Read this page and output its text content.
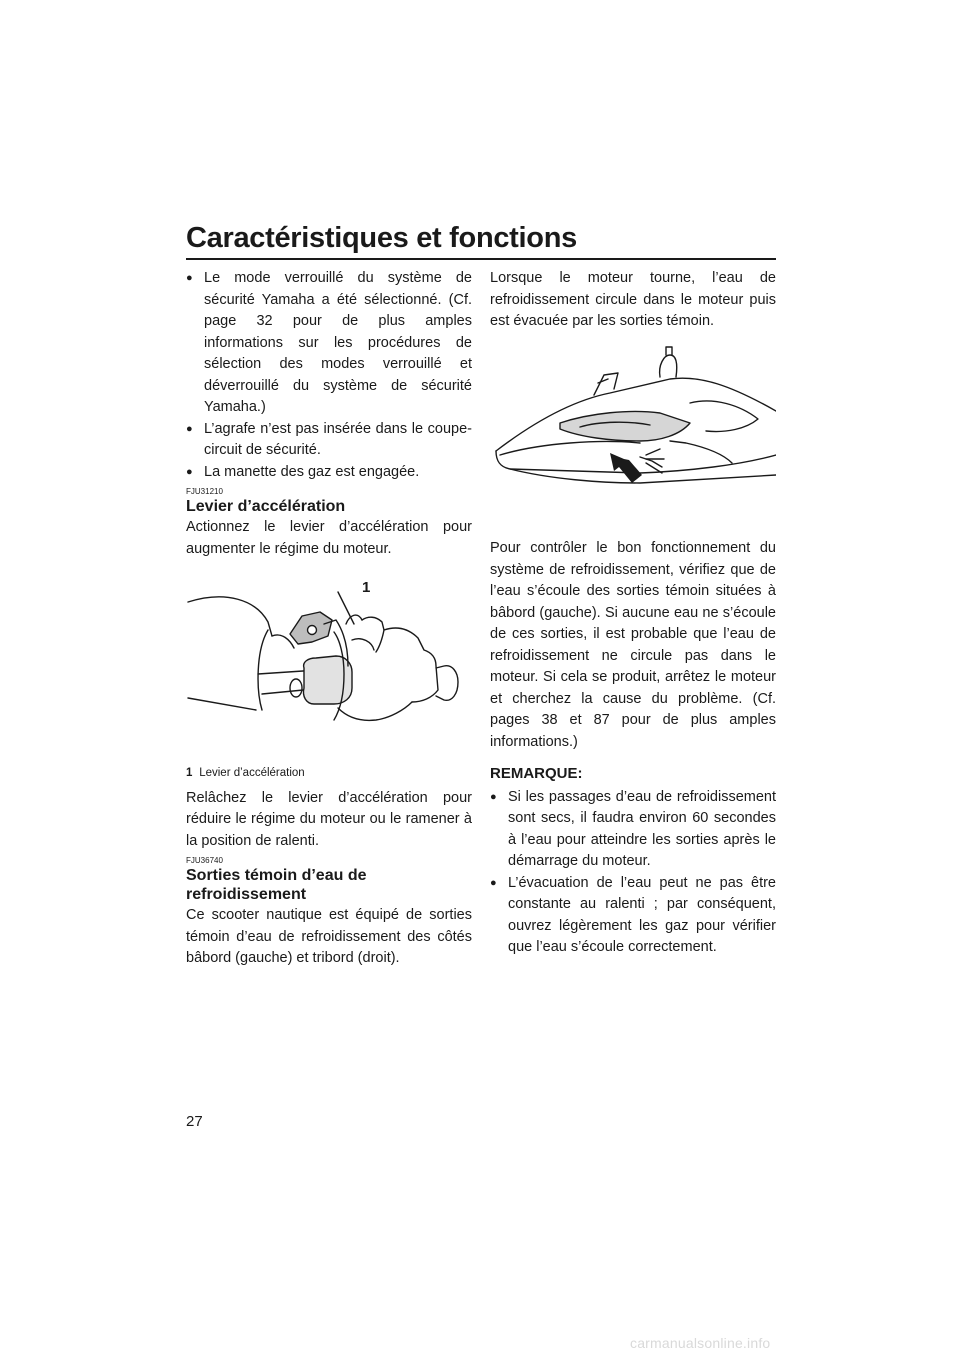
Caractéristiques et fonctions
● Le mode verrouillé du système de sécurité Yamaha a été sélectionné. (Cf. page 32 pour de plus amples informations sur les procédures de sélection des modes verrouillé et déverrouillé du système de sécurité Yamaha.)
● L’agrafe n’est pas insérée dans le coupe-circuit de sécurité.
● La manette des gaz est engagée.
FJU31210
Levier d’accélération

Actionnez le levier d’accélération pour augmenter le régime du moteur.

1
1 Levier d’accélération

Relâchez le levier d’accélération pour réduire le régime du moteur ou le ramener à la position de ralenti.

FJU36740
Sorties témoin d’eau de refroidissement

Ce scooter nautique est équipé de sorties témoin d’eau de refroidissement des côtés bâbord (gauche) et tribord (droit).

Lorsque le moteur tourne, l’eau de refroidissement circule dans le moteur puis est évacuée par les sorties témoin.

Pour contrôler le bon fonctionnement du système de refroidissement, vérifiez que de l’eau s’écoule des sorties témoin situées à bâbord (gauche). Si aucune eau ne s’écoule de ces sorties, il est probable que l’eau de refroidissement ne circule pas dans le moteur. Si cela se produit, arrêtez le moteur et cherchez la cause du problème. (Cf. pages 38 et 87 pour de plus amples informations.)

REMARQUE:
● Si les passages d’eau de refroidissement sont secs, il faudra environ 60 secondes à l’eau pour atteindre les sorties après le démarrage du moteur.
● L’évacuation de l’eau peut ne pas être constante au ralenti ; par conséquent, ouvrez légèrement les gaz pour vérifier que l’eau s’écoule correctement.
27
carmanualsonline.info
